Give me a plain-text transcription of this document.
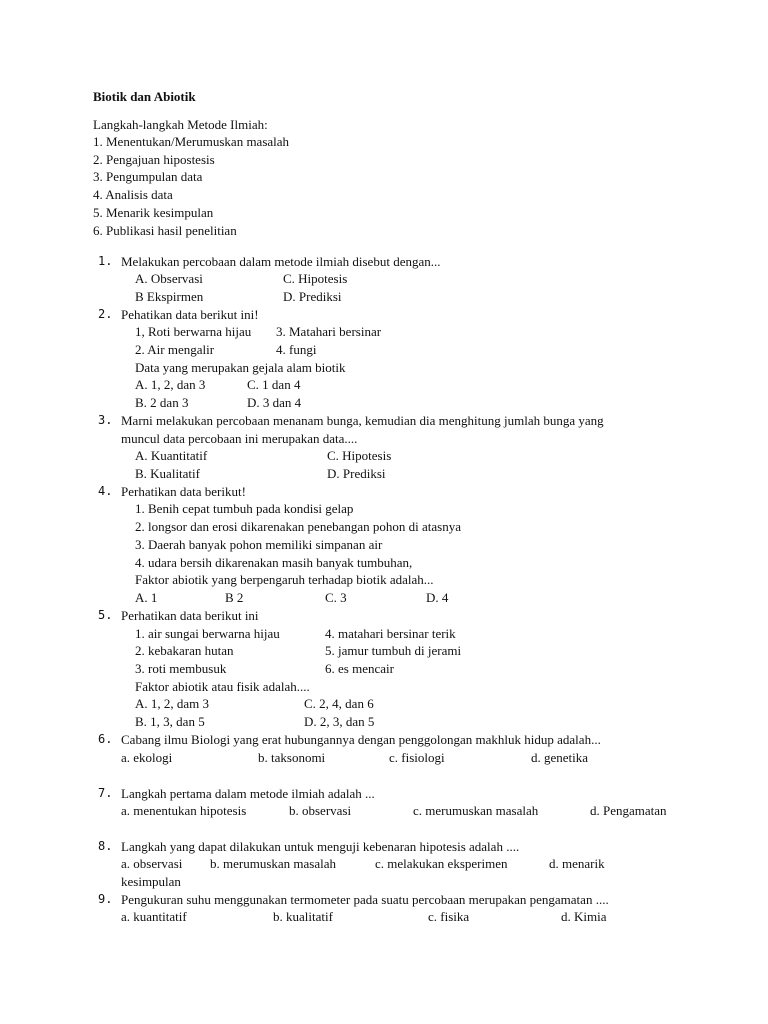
Biotik dan Abiotik
Langkah-langkah Metode Ilmiah:
1. Menentukan/Merumuskan masalah
2. Pengajuan hipostesis
3. Pengumpulan data
4. Analisis data
5. Menarik kesimpulan
6. Publikasi hasil penelitian
1. Melakukan percobaan dalam metode ilmiah disebut dengan...
A. Observasi	C. Hipotesis
B Ekspirmen	D. Prediksi
2. Pehatikan data berikut ini!
1, Roti berwarna hijau 3. Matahari bersinar
2. Air mengalir	4. fungi
Data yang merupakan gejala alam biotik
A. 1, 2, dan 3	C. 1 dan 4
B. 2 dan 3	D. 3 dan 4
3. Marni melakukan percobaan menanam bunga, kemudian dia menghitung jumlah bunga yang
muncul data percobaan ini merupakan data....
A. Kuantitatif	C. Hipotesis
B. Kualitatif	D. Prediksi
4. Perhatikan data berikut!
1. Benih cepat tumbuh pada kondisi gelap
2. longsor dan erosi dikarenakan penebangan pohon di atasnya
3. Daerah banyak pohon memiliki simpanan air
4. udara bersih dikarenakan masih banyak tumbuhan,
Faktor abiotik yang berpengaruh terhadap biotik adalah...
A. 1	B 2	C. 3	D. 4
5. Perhatikan data berikut ini
1. air sungai berwarna hijau	4. matahari bersinar terik
2. kebakaran hutan	5. jamur tumbuh di jerami
3. roti membusuk	6. es mencair
Faktor abiotik atau fisik adalah....
A. 1, 2, dam 3	C. 2, 4, dan 6
B. 1, 3, dan 5	D. 2, 3, dan 5
6. Cabang ilmu Biologi yang erat hubungannya dengan penggolongan makhluk hidup adalah...
a. ekologi	b. taksonomi	c. fisiologi	d. genetika
7. Langkah pertama dalam metode ilmiah adalah ...
a. menentukan hipotesis	b. observasi	c. merumuskan masalah	d. Pengamatan
8. Langkah yang dapat dilakukan untuk menguji kebenaran hipotesis adalah ....
a. observasi b. merumuskan masalah	c. melakukan eksperimen	d. menarik
kesimpulan
9. Pengukuran suhu menggunakan termometer pada suatu percobaan merupakan pengamatan ....
a. kuantitatif	b. kualitatif	c. fisika	d. Kimia
